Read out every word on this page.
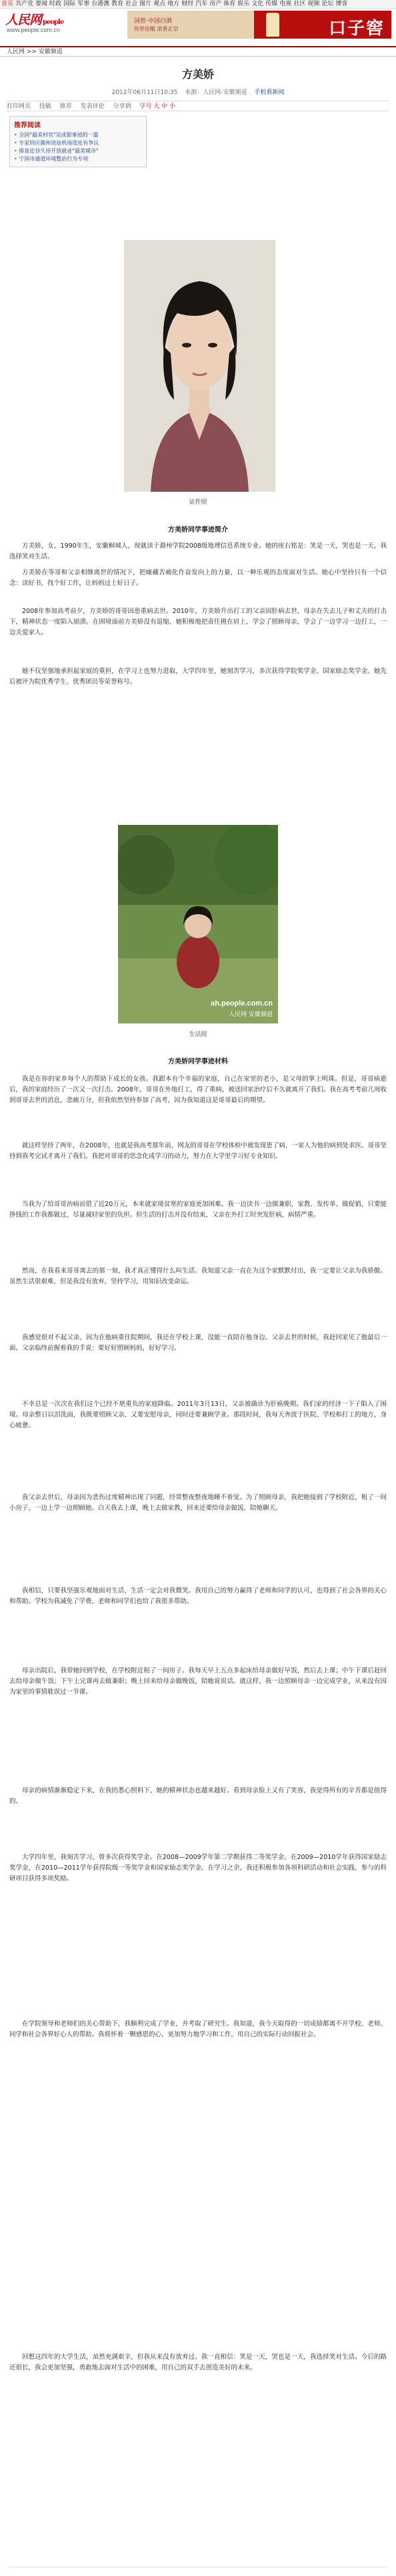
首页 共产党 要闻 时政 国际 军事 台港澳 教育 社会 图片 观点 地方 财经 汽车 房产 体育 娱乐 文化 传媒 电视 社区 视频 论坛 博客
人民网 people
www.people.com.cn
国窖·中国白酒
传世佳酿 浓香正宗	口子窖
人民网 >> 安徽频道
方美娇
2012年06月11日10:35 来源：人民网-安徽频道 手机看新闻
打印网页 投稿 推荐 发表评论 分享到 字号 大 中 小
推荐阅读
• 全国"最美村官"吴成银事迹的一篇
• 专家回应滁州进站机场选址有争议
• 排查论谷久待开放就业"最美城市"
• 宁国市通道环境整治行为专项
证件照
方美娇同学事迹简介
方美娇，女，1990年生，安徽桐城人，现就读于滁州学院2008级地理信息系统专业。她的座右铭是：笑是一天，哭也是一天，我选择笑对生活。
方美娇在等哥和父亲相继离世的情况下，把痛藏苦痛化作奋发向上的力量，以一种乐观的态度面对生活。她心中坚持只有一个信念：读好书，找个好工作，让妈妈过上好日子。
2008年参加高考前夕，方美娇的哥哥因患重病去世。2010年，方美娇升出打工的父亲因肝病去世，母亲在失去儿子和丈夫的打击下，精神状态一度陷入崩溃。在困境面前方美娇没有退缩，她积极地把责任挑在肩上，学会了照顾母亲，学会了一边学习一边打工，一边关爱家人。
她不仅坚强地承担起家庭的重担，在学习上也努力进取，大学四年里，她刻苦学习，多次获得学院奖学金、国家励志奖学金。她先后被评为院优秀学生、优秀团员等荣誉称号。
ah.people.com.cn
人民网 安徽频道
生活照
方美娇同学事迹材料
我是在你的家乡每个人的帮助下成长的女孩。我跟本有个幸福的家庭，自己在家里的老小，是父母的掌上明珠。但是，哥哥病逝后，我的家庭经历了一次又一次打击。2008年，哥哥在外地打工，得了重病，被送回家治疗后不久就离开了我们。我在高考考前几周收到哥哥去世的消息，悲痛万分，但我依然坚持参加了高考，因为我知道这是哥哥最后的期望。
就这样坚持了两年，在2008年，也就是我高考那年前，网友的哥哥在学校体检中被发现患了病，一家人为他的病到处求医。哥哥坚持到我考完试才离开了我们。我把对哥哥的思念化成学习的动力，努力在大学里学习好专业知识。
当我为了给哥哥治病而借了近20万元，本来就家境贫寒的家庭更加困难。我一边读书一边做兼职，家教、发传单、做促销，只要能挣钱的工作我都做过，尽量减轻家里的负担。但生活的打击并没有结束，父亲在外打工时突发肝病，病情严重。
然而，在我看来哥哥离去的那一刻，我才真正懂得什么叫生活。我知道父亲一直在为这个家默默付出，我一定要让父亲为我骄傲。虽然生活很艰难，但是我没有放弃，坚持学习，用知识改变命运。
我感觉很对不起父亲，因为在他病重住院期间，我还在学校上课，没能一直陪在他身边。父亲去世的时候，我赶回家见了他最后一面。父亲临终前握着我的手说：要好好照顾妈妈，好好学习。
不幸总是一次次在我们这个已经不堪重负的家庭降临。2011年3月13日，父亲被确诊为肝癌晚期。我们家的经济一下子陷入了困境。母亲整日以泪洗面，我既要照顾父亲，又要安慰母亲，同时还要兼顾学业。那段时间，我每天奔波于医院、学校和打工的地方，身心疲惫。
我父亲去世后，母亲因为悲伤过度精神出现了问题，经常整夜整夜地睡不着觉。为了照顾母亲，我把她接到了学校附近，租了一间小房子，一边上学一边照顾她。白天我去上课，晚上去做家教，回来还要给母亲做饭、陪她聊天。
我相信，只要我坚强乐观地面对生活，生活一定会对我微笑。我用自己的努力赢得了老师和同学的认可，也得到了社会各界的关心和帮助。学校为我减免了学费，老师和同学们也给了我很多帮助。
母亲出院后，我带她回到学校，在学校附近租了一间房子。我每天早上五点多起床给母亲做好早饭，然后去上课；中午下课后赶回去给母亲做午饭；下午上完课再去做兼职；晚上回来给母亲做晚饭，陪她说说话。就这样，我一边照顾母亲一边完成学业，从来没有因为家里的事情耽误过一节课。
母亲的病情渐渐稳定下来，在我的悉心照料下，她的精神状态也越来越好。看到母亲脸上又有了笑容，我觉得所有的辛苦都是值得的。
大学四年里，我刻苦学习，曾多次获得奖学金。在2008—2009学年第二学期获得二等奖学金，在2009—2010学年获得国家励志奖学金，在2010—2011学年获得院级一等奖学金和国家励志奖学金。在学习之余，我还积极参加各项科研活动和社会实践，参与的科研项目获得多项奖励。
在学院领导和老师们的关心帮助下，我顺利完成了学业，并考取了研究生。我知道，我今天取得的一切成绩都离不开学校、老师、同学和社会各界好心人的帮助。我将怀着一颗感恩的心，更加努力地学习和工作，用自己的实际行动回报社会。
回想这四年的大学生活，虽然充满艰辛，但我从来没有放弃过。我一直相信：笑是一天，哭也是一天，我选择笑对生活。今后的路还很长，我会更加坚强，勇敢地去面对生活中的困难，用自己的双手去创造美好的未来。
